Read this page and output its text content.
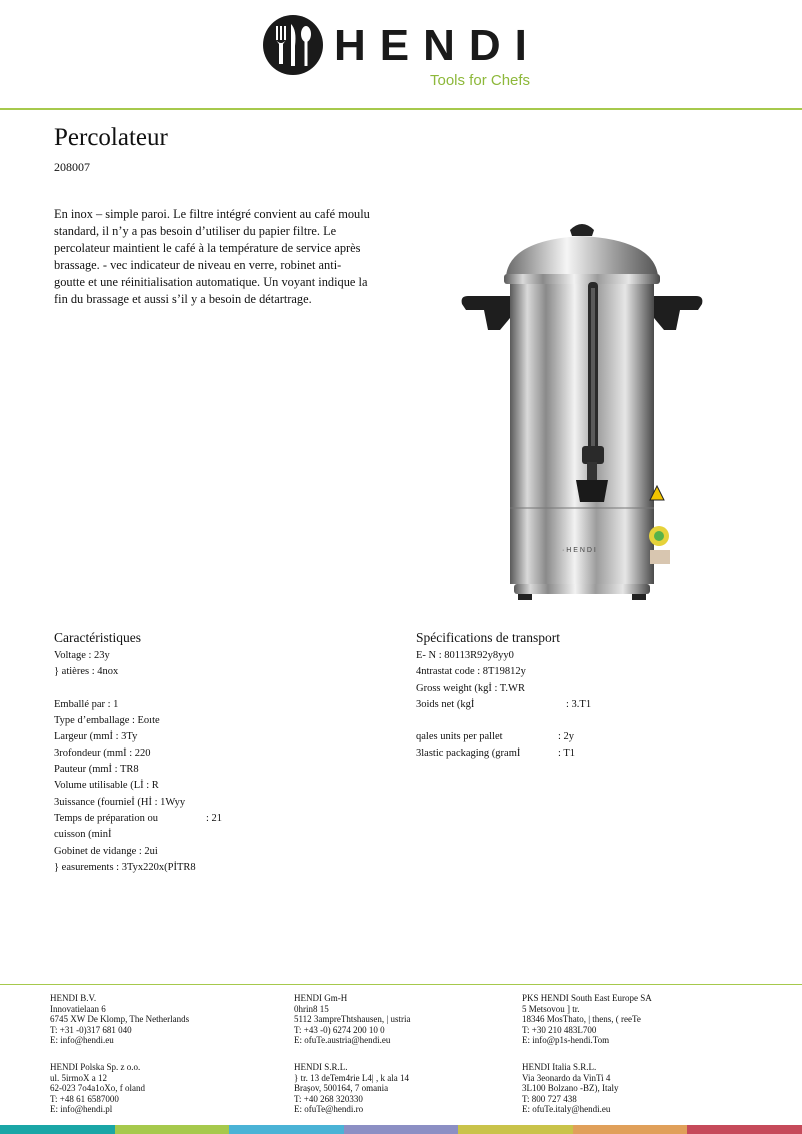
HENDI
Tools for Chefs
Percolateur
208007
En inox – simple paroi. Le filtre intégré convient au café moulu standard, il n’y a pas besoin d’utiliser du papier filtre. Le percolateur maintient le café à la température de service après brassage. - vec indicateur de niveau en verre, robinet anti-goutte et une réinitialisation automatique. Un voyant indique la fin du brassage et aussi s’il y a besoin de détartrage.
· H E N D I
Caractéristiques
Voltage : 23y
} atières : 4nox
Emballé par : 1
Type d’emballage : Eoıte
Largeur (mmİ : 3Ty
3rofondeur (mmİ : 220
Pauteur (mmİ : TR8
Volume utilisable (Lİ : R
3uissance (fournieİ (Hİ : 1Wyy
Temps de préparation ou	: 21
cuisson (minİ
Gobinet de vidange : 2ui
} easurements : 3Tyx220x(PİTR8
Spécifications de transport
E- N : 80113R92y8yy0
4ntrastat code : 8T19812y
Gross weight (kgİ : T.WR
3oids net (kgİ	: 3.T1
qales units per pallet	: 2y
3lastic packaging (gramİ	: T1

HENDI B.V.

Innovatielaan 6

6745 XW De Klomp, The Netherlands

T: +31 -0)317 681 040

E: info@hendi.eu

HENDI Gm-H

0hrin8 15

5112 3ampreThtshausen, | ustria

T: +43 -0) 6274 200 10 0

E: ofuTe.austria@hendi.eu

PKS HENDI South East Europe SA

5 Metsovou ] tr.

18346 MosThato, | thens, ( reeTe

T: +30 210 483L700

E: info@p1s-hendi.Tom

HENDI Polska Sp. z o.o.

ul. 5irmoX a 12

62-023 7o4a1oXo, f oland

T: +48 61 6587000

E: info@hendi.pl

HENDI S.R.L.

} tr. 13 deTem4rie L4| , k ala 14

Brașov, 500164, 7 omania

T: +40 268 320330

E: ofuTe@hendi.ro

HENDI Italia S.R.L.

Via 3eonardo da VinTi 4

3L100 Bolzano -BZ), Italy

T: 800 727 438

E: ofuTe.italy@hendi.eu
